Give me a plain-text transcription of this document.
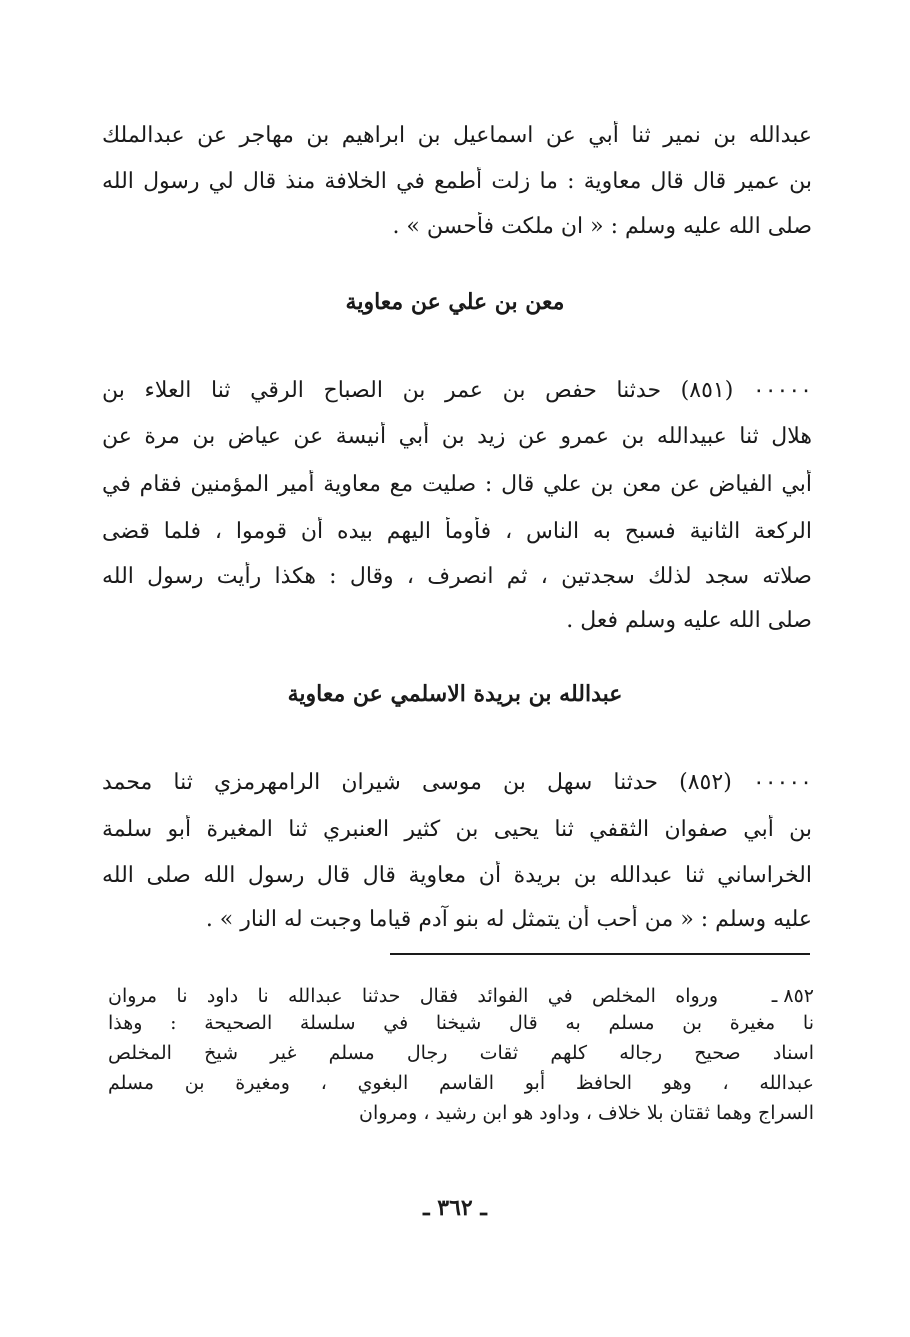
عبدالله بن نمير ثنا أبي عن اسماعيل بن ابراهيم بن مهاجر عن عبدالملك
بن عمير قال قال معاوية : ما زلت أطمع في الخلافة منذ قال لي رسول الله
صلى الله عليه وسلم : « ان ملكت فأحسن » .
معن بن علي عن معاوية
٠٠٠٠٠ (٨٥١) حدثنا حفص بن عمر بن الصباح الرقي ثنا العلاء بن
هلال ثنا عبيدالله بن عمرو عن زيد بن أبي أنيسة عن عياض بن مرة عن
أبي الفياض عن معن بن علي قال : صليت مع معاوية أمير المؤمنين فقام في
الركعة الثانية فسبح به الناس ، فأومأ اليهم بيده أن قوموا ، فلما قضى
صلاته سجد لذلك سجدتين ، ثم انصرف ، وقال : هكذا رأيت رسول الله
صلى الله عليه وسلم فعل .
عبدالله بن بريدة الاسلمي عن معاوية
٠٠٠٠٠ (٨٥٢) حدثنا سهل بن موسى شيران الرامهرمزي ثنا محمد
بن أبي صفوان الثقفي ثنا يحيى بن كثير العنبري ثنا المغيرة أبو سلمة
الخراساني ثنا عبدالله بن بريدة أن معاوية قال قال رسول الله صلى الله
عليه وسلم : « من أحب أن يتمثل له بنو آدم قياما وجبت له النار » .
٨٥٢ ـ
ورواه المخلص في الفوائد فقال حدثنا عبدالله نا داود نا مروان
نا مغيرة بن مسلم به قال شيخنا في سلسلة الصحيحة : وهذا
اسناد صحيح رجاله كلهم ثقات رجال مسلم غير شيخ المخلص
عبدالله ، وهو الحافظ أبو القاسم البغوي ، ومغيرة بن مسلم
السراج وهما ثقتان بلا خلاف ، وداود هو ابن رشيد ، ومروان
ـ ٣٦٢ ـ
